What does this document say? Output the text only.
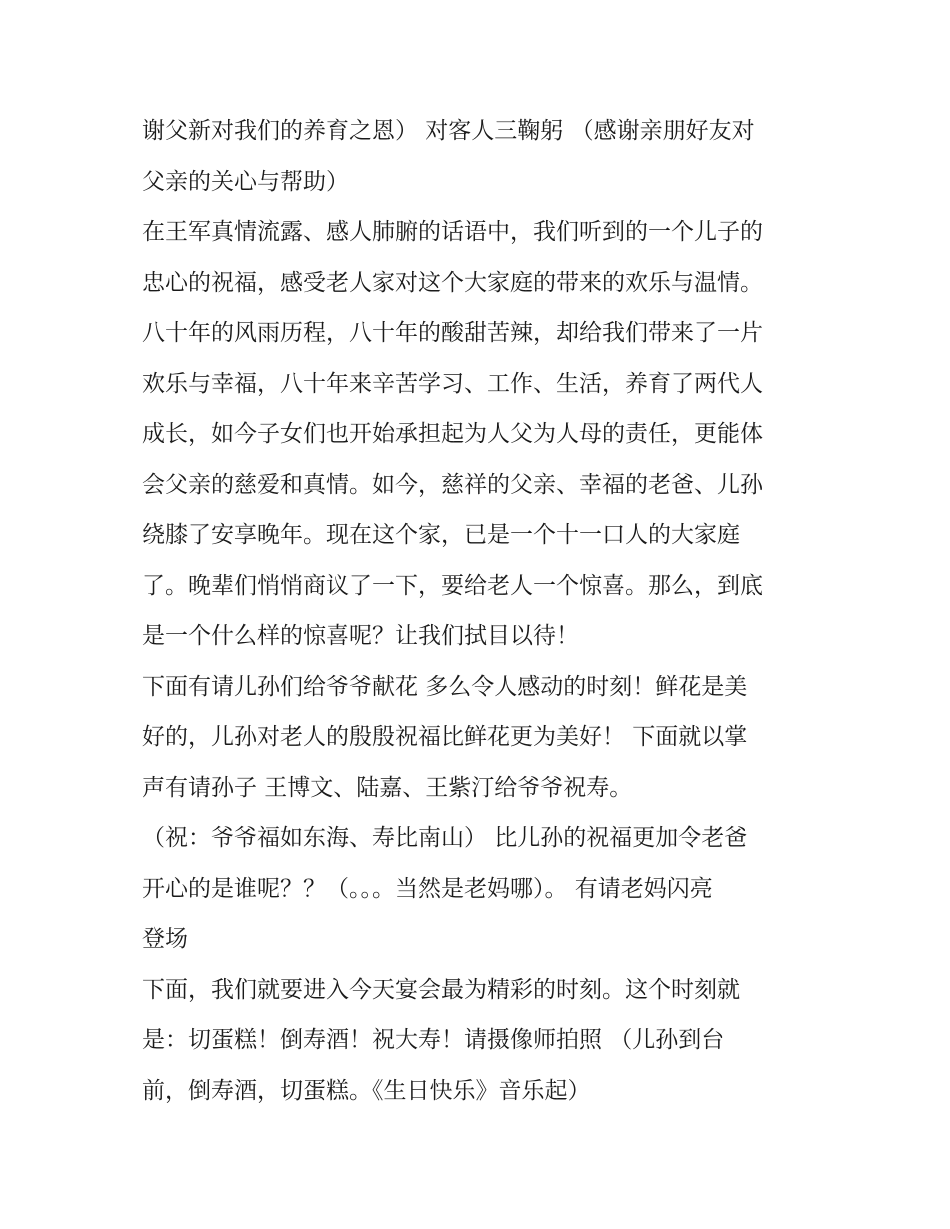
谢父新对我们的养育之恩） 对客人三鞠躬 （感谢亲朋好友对
父亲的关心与帮助）
在王军真情流露、感人肺腑的话语中，我们听到的一个儿子的
忠心的祝福，感受老人家对这个大家庭的带来的欢乐与温情。
八十年的风雨历程，八十年的酸甜苦辣，却给我们带来了一片
欢乐与幸福，八十年来辛苦学习、工作、生活，养育了两代人
成长，如今子女们也开始承担起为人父为人母的责任，更能体
会父亲的慈爱和真情。如今，慈祥的父亲、幸福的老爸、儿孙
绕膝了安享晚年。现在这个家，已是一个十一口人的大家庭
了。晚辈们悄悄商议了一下，要给老人一个惊喜。那么，到底
是一个什么样的惊喜呢？让我们拭目以待！
下面有请儿孙们给爷爷献花 多么令人感动的时刻！鲜花是美
好的，儿孙对老人的殷殷祝福比鲜花更为美好！ 下面就以掌
声有请孙子 王博文、陆嘉、王紫汀给爷爷祝寿。
（祝：爷爷福如东海、寿比南山） 比儿孙的祝福更加令老爸
开心的是谁呢？？（。。。当然是老妈哪）。 有请老妈闪亮
登场
下面，我们就要进入今天宴会最为精彩的时刻。这个时刻就
是：切蛋糕！倒寿酒！祝大寿！请摄像师拍照 （儿孙到台
前，倒寿酒，切蛋糕。《生日快乐》音乐起）
